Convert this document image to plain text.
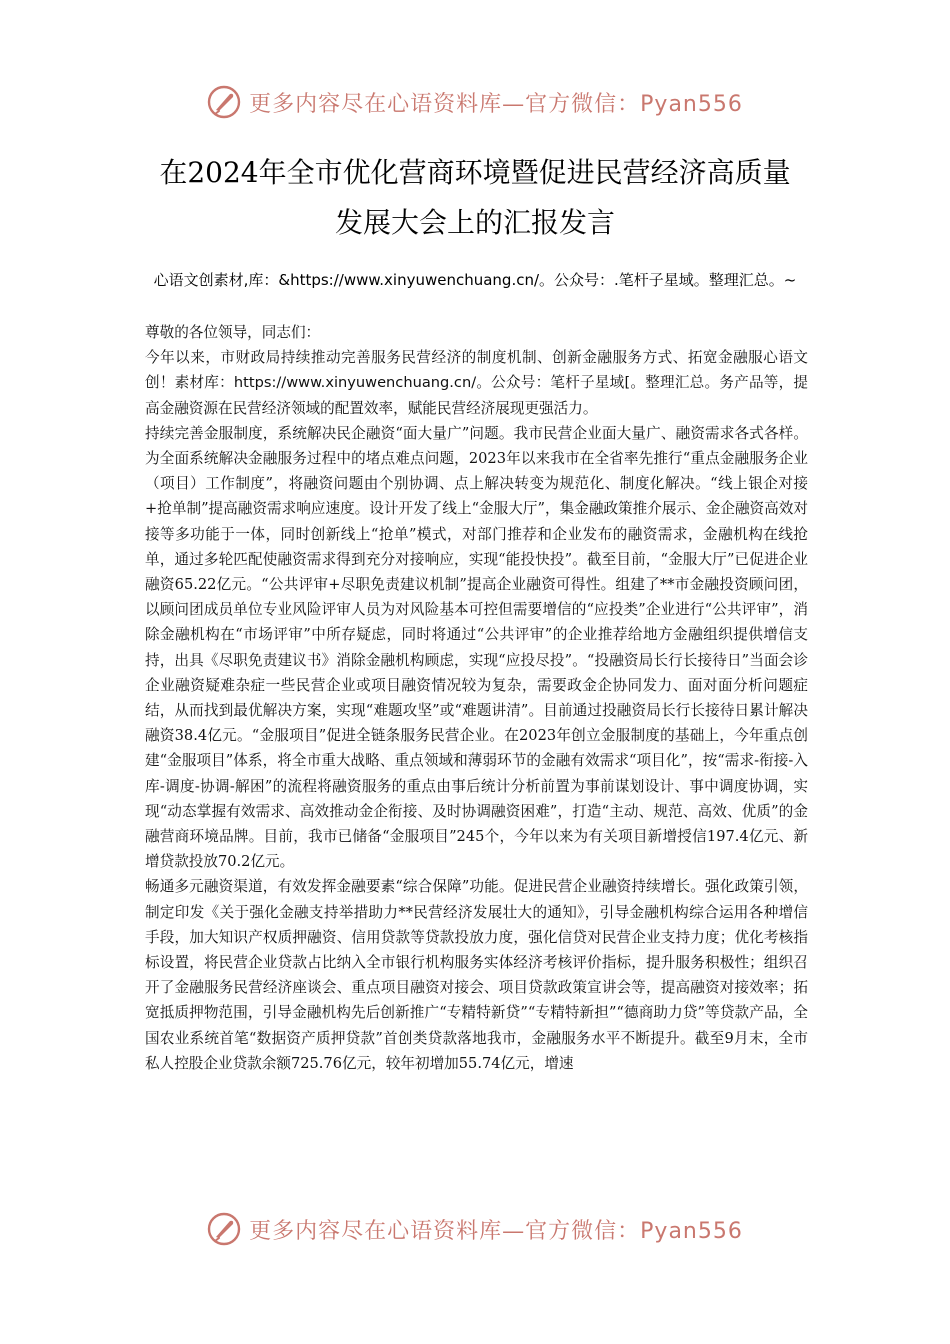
更多内容尽在心语资料库—官方微信：Pyan556
在2024年全市优化营商环境暨促进民营经济高质量
发展大会上的汇报发言
心语文创素材,库：&https://www.xinyuwenchuang.cn/。公众号：.笔杆子星域。整理汇总。~

尊敬的各位领导，同志们：

今年以来，市财政局持续推动完善服务民营经济的制度机制、创新金融服务方式、拓宽金融服心语文创！素材库：https://www.xinyuwenchuang.cn/。公众号：笔杆子星域[。整理汇总。务产品等，提高金融资源在民营经济领域的配置效率，赋能民营经济展现更强活力。

持续完善金服制度，系统解决民企融资“面大量广”问题。我市民营企业面大量广、融资需求各式各样。为全面系统解决金融服务过程中的堵点难点问题，2023年以来我市在全省率先推行“重点金融服务企业（项目）工作制度”，将融资问题由个别协调、点上解决转变为规范化、制度化解决。“线上银企对接+抢单制”提高融资需求响应速度。设计开发了线上“金服大厅”，集金融政策推介展示、金企融资高效对接等多功能于一体，同时创新线上“抢单”模式，对部门推荐和企业发布的融资需求，金融机构在线抢单，通过多轮匹配使融资需求得到充分对接响应，实现“能投快投”。截至目前，“金服大厅”已促进企业融资65.22亿元。“公共评审+尽职免责建议机制”提高企业融资可得性。组建了**市金融投资顾问团，以顾问团成员单位专业风险评审人员为对风险基本可控但需要增信的“应投类”企业进行“公共评审”，消除金融机构在“市场评审”中所存疑虑，同时将通过“公共评审”的企业推荐给地方金融组织提供增信支持，出具《尽职免责建议书》消除金融机构顾虑，实现“应投尽投”。“投融资局长行长接待日”当面会诊企业融资疑难杂症一些民营企业或项目融资情况较为复杂，需要政金企协同发力、面对面分析问题症结，从而找到最优解决方案，实现“难题攻坚”或“难题讲清”。目前通过投融资局长行长接待日累计解决融资38.4亿元。“金服项目”促进全链条服务民营企业。在2023年创立金服制度的基础上，今年重点创建“金服项目”体系，将全市重大战略、重点领域和薄弱环节的金融有效需求“项目化”，按“需求-衔接-入库-调度-协调-解困”的流程将融资服务的重点由事后统计分析前置为事前谋划设计、事中调度协调，实现“动态掌握有效需求、高效推动金企衔接、及时协调融资困难”，打造“主动、规范、高效、优质”的金融营商环境品牌。目前，我市已储备“金服项目”245个，今年以来为有关项目新增授信197.4亿元、新增贷款投放70.2亿元。

畅通多元融资渠道，有效发挥金融要素“综合保障”功能。促进民营企业融资持续增长。强化政策引领，制定印发《关于强化金融支持举措助力**民营经济发展壮大的通知》，引导金融机构综合运用各种增信手段，加大知识产权质押融资、信用贷款等贷款投放力度，强化信贷对民营企业支持力度；优化考核指标设置，将民营企业贷款占比纳入全市银行机构服务实体经济考核评价指标，提升服务积极性；组织召开了金融服务民营经济座谈会、重点项目融资对接会、项目贷款政策宣讲会等，提高融资对接效率；拓宽抵质押物范围，引导金融机构先后创新推广“专精特新贷”“专精特新担”“德商助力贷”等贷款产品，全国农业系统首笔“数据资产质押贷款”首创类贷款落地我市，金融服务水平不断提升。截至9月末，全市私人控股企业贷款余额725.76亿元，较年初增加55.74亿元，增速

更多内容尽在心语资料库—官方微信：Pyan556
